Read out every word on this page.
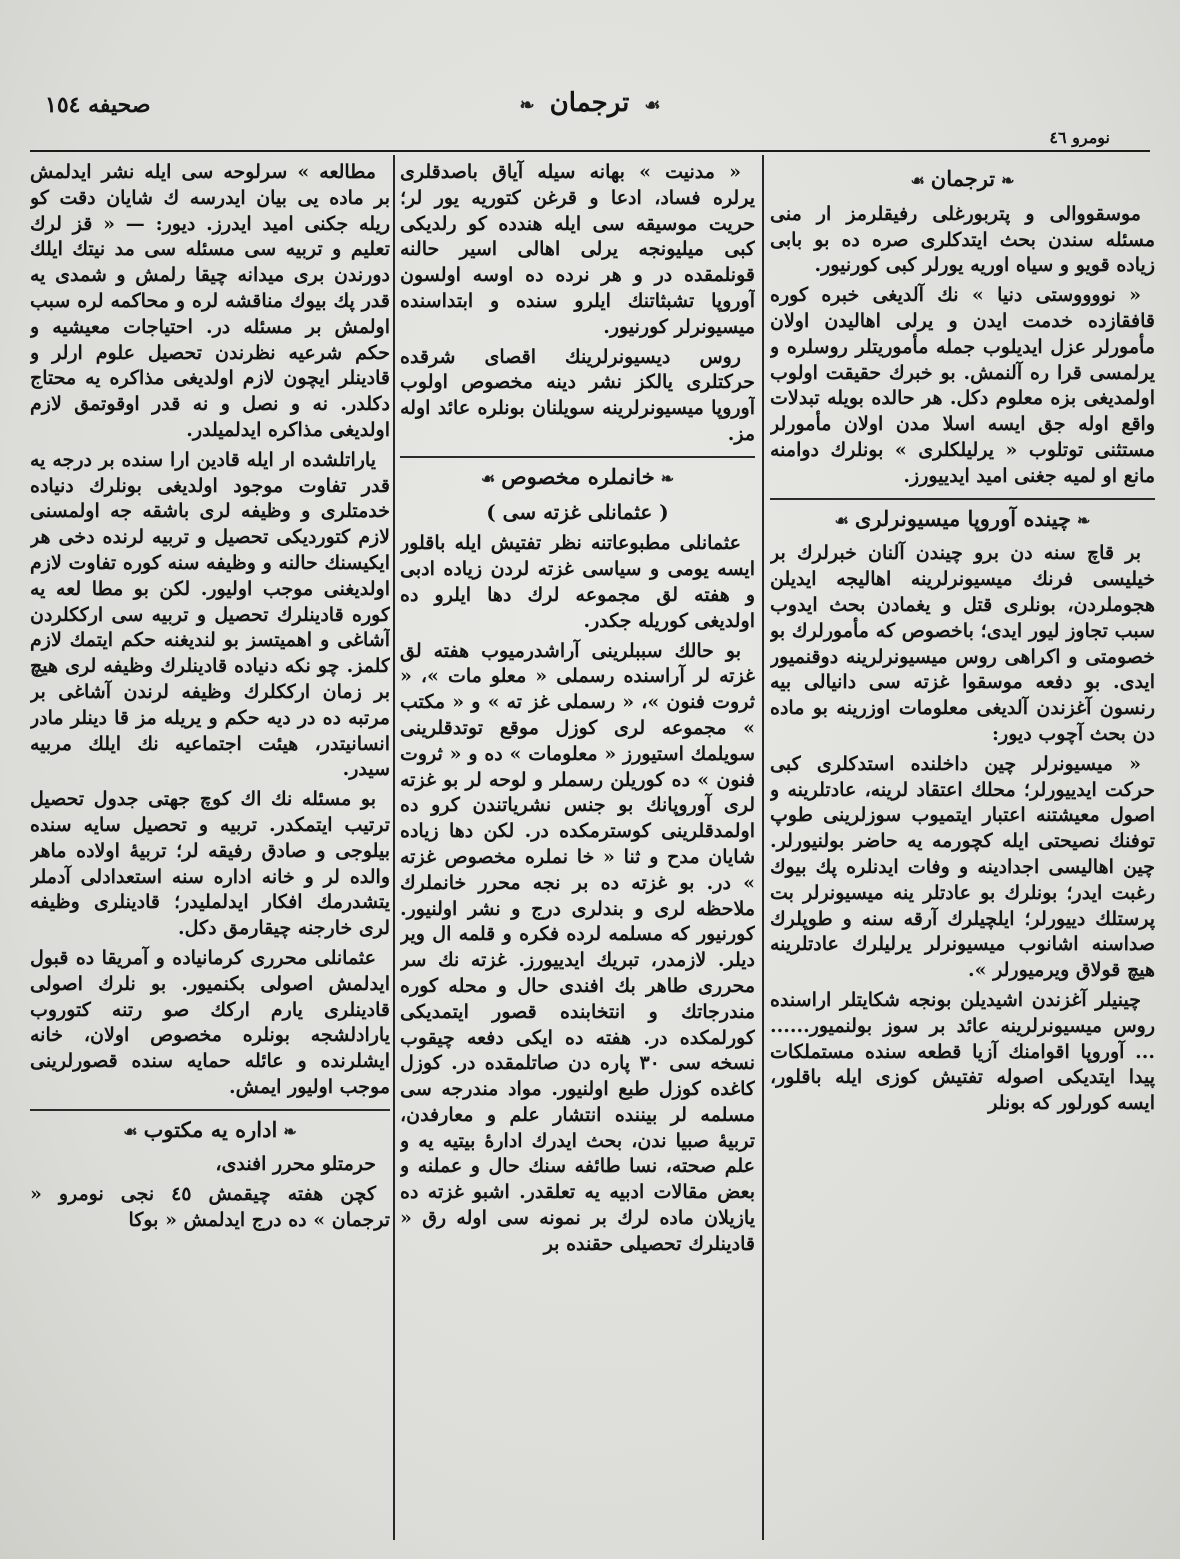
صحیفه ١٥٤	❧ ترجمان ☙
نومرو ٤٦
❧ترجمان☙

موسقووالی و پتربورغلی رفیقلرمز ار منی مسئله سندن بحث ایتدکلری صره ده بو بابی زیاده قویو و سیاه اوریه یورلر کبی کورنیور.

« نووووستی دنیا » نك آلدیغی خبره کوره قافقازده خدمت ایدن و یرلی اهالیدن اولان مأمورلر عزل ایدیلوب جمله مأموریتلر روسلره و یرلمسی قرا ره آلنمش. بو خبرك حقیقت اولوب اولمدیغی بزه معلوم دکل. هر حالده بویله تبدلات واقع اوله جق ایسه اسلا مدن اولان مأمورلر مستثنی توتلوب « یرلیلکلری » بونلرك دوامنه مانع او لمیه جغنی امید ایدییورز.

❧چینده آوروپا میسیونرلری☙

بر قاچ سنه دن برو چیندن آلنان خبرلرك بر خیلیسی فرنك میسیونرلرینه اهالیجه ایدیلن هجوملردن، بونلری قتل و یغمادن بحث ایدوب سبب تجاوز لیور ایدی؛ باخصوص که مأمورلرك بو خصومتی و اکراهی روس میسیونرلرینه دوقنمیور ایدی. بو دفعه موسقوا غزته سی دانیالی بیه رنسون آغزندن آلدیغی معلومات اوزرینه بو ماده دن بحث آچوب دیور:

« میسیونرلر چین داخلنده استدکلری کبی حرکت ایدییورلر؛ محلك اعتقاد لرینه، عادتلرینه و اصول معیشتنه اعتبار ایتمیوب سوزلرینی طوپ توفنك نصیحتی ایله کچورمه یه حاضر بولنیورلر. چین اهالیسی اجدادینه و وفات ایدنلره پك بیوك رغبت ایدر؛ بونلرك بو عادتلر ینه میسیونرلر بت پرستلك دییورلر؛ ایلچیلرك آرقه سنه و طوپلرك صداسنه اشانوب میسیونرلر یرلیلرك عادتلرینه هیچ قولاق ویرمیورلر ».

چینیلر آغزندن اشیدیلن بونجه شکایتلر اراسنده روس میسیونرلرینه عائد بر سوز بولنمیور...... ... آوروپا اقوامنك آزیا قطعه سنده مستملکات پیدا ایتدیکی اصوله تفتیش کوزی ایله باقلور، ایسه کورلور که بونلر

« مدنیت » بهانه سیله آیاق باصدقلری یرلره فساد، ادعا و قرغن کتوریه یور لر؛ حریت موسیقه سی ایله هندده کو رلدیکی کبی میلیونجه یرلی اهالی اسیر حالنه قونلمقده در و هر نرده ده اوسه اولسون آوروپا تشبثاتنك ایلرو سنده و ابتداسنده میسیونرلر کورنیور.

روس دیسیونرلرینك اقصای شرقده حرکتلری یالکز نشر دینه مخصوص اولوب آوروپا میسیونرلرینه سویلنان بونلره عائد اوله مز.

❧خانملره مخصوص☙
( عثمانلی غزته سی )

عثمانلی مطبوعاتنه نظر تفتیش ایله باقلور ایسه یومی و سیاسی غزته لردن زیاده ادبی و هفته لق مجموعه لرك دها ایلرو ده اولدیغی کوریله جکدر.

بو حالك سببلرینی آراشدرمیوب هفته لق غزته لر آراسنده رسملی « معلو مات »، « ثروت فنون »، « رسملی غز ته » و « مکتب » مجموعه لری کوزل موقع توتدقلرینی سویلمك استیورز « معلومات » ده و « ثروت فنون » ده کوریلن رسملر و لوحه لر بو غزته لری آوروپانك بو جنس نشریاتندن کرو ده اولمدقلرینی کوسترمکده در. لکن دها زیاده شایان مدح و ثنا « خا نملره مخصوص غزته » در. بو غزته ده بر نجه محرر خانملرك ملاحظه لری و بندلری درج و نشر اولنیور. کورنیور که مسلمه لرده فکره و قلمه ال ویر دیلر. لازمدر، تبریك ایدییورز. غزته نك سر محرری طاهر بك افندی حال و محله کوره مندرجاتك و انتخابنده قصور ایتمدیکی کورلمکده در. هفته ده ایکی دفعه چیقوب نسخه سی ٣٠ پاره دن صاتلمقده در. کوزل کاغده کوزل طبع اولنیور. مواد مندرجه سی مسلمه لر بیننده انتشار علم و معارفدن، تربیهٔ صبیا ندن، بحث ایدرك ادارهٔ بیتیه یه و علم صحته، نسا طائفه سنك حال و عملنه و بعض مقالات ادبیه یه تعلقدر. اشبو غزته ده یازیلان ماده لرك بر نمونه سی اوله رق « قادینلرك تحصیلی حقنده بر

مطالعه » سرلوحه سی ایله نشر ایدلمش بر ماده یی بیان ایدرسه ك شایان دقت کو ریله جکنی امید ایدرز. دیور: — « قز لرك تعلیم و تربیه سی مسئله سی مد نیتك ایلك دورندن بری میدانه چیقا رلمش و شمدی یه قدر پك بیوك مناقشه لره و محاکمه لره سبب اولمش بر مسئله در. احتیاجات معیشیه و حکم شرعیه نظرندن تحصیل علوم ارلر و قادینلر ایچون لازم اولدیغی مذاکره یه محتاج دکلدر. نه و نصل و نه قدر اوقوتمق لازم اولدیغی مذاکره ایدلمیلدر.

یاراتلشده ار ایله قادین ارا سنده بر درجه یه قدر تفاوت موجود اولدیغی بونلرك دنیاده خدمتلری و وظیفه لری باشقه جه اولمسنی لازم کتوردیکی تحصیل و تربیه لرنده دخی هر ایکیسنك حالنه و وظیفه سنه کوره تفاوت لازم اولدیغنی موجب اولیور. لکن بو مطا لعه یه کوره قادینلرك تحصیل و تربیه سی ارککلردن آشاغی و اهمیتسز بو لندیغنه حکم ایتمك لازم کلمز. چو نکه دنیاده قادینلرك وظیفه لری هیچ بر زمان ارککلرك وظیفه لرندن آشاغی بر مرتبه ده در دیه حکم و یریله مز قا دینلر مادر انسانیتدر، هیئت اجتماعیه نك ایلك مربیه سیدر.

بو مسئله نك اك کوچ جهتی جدول تحصیل ترتیب ایتمکدر. تربیه و تحصیل سایه سنده بیلوجی و صادق رفیقه لر؛ تربیهٔ اولاده ماهر والده لر و خانه اداره سنه استعدادلی آدملر یتشدرمك افکار ایدلملیدر؛ قادینلری وظیفه لری خارجنه چیقارمق دکل.

عثمانلی محرری کرمانیاده و آمریقا ده قبول ایدلمش اصولی بکنمیور. بو نلرك اصولی قادینلری یارم ارکك صو رتنه کتوروب یارادلشجه بونلره مخصوص اولان، خانه ایشلرنده و عائله حمایه سنده قصورلرینی موجب اولیور ایمش.

❧اداره یه مکتوب☙

حرمتلو محرر افندی،

کچن هفته چیقمش ٤٥ نجی نومرو « ترجمان » ده درج ایدلمش « بوکا
